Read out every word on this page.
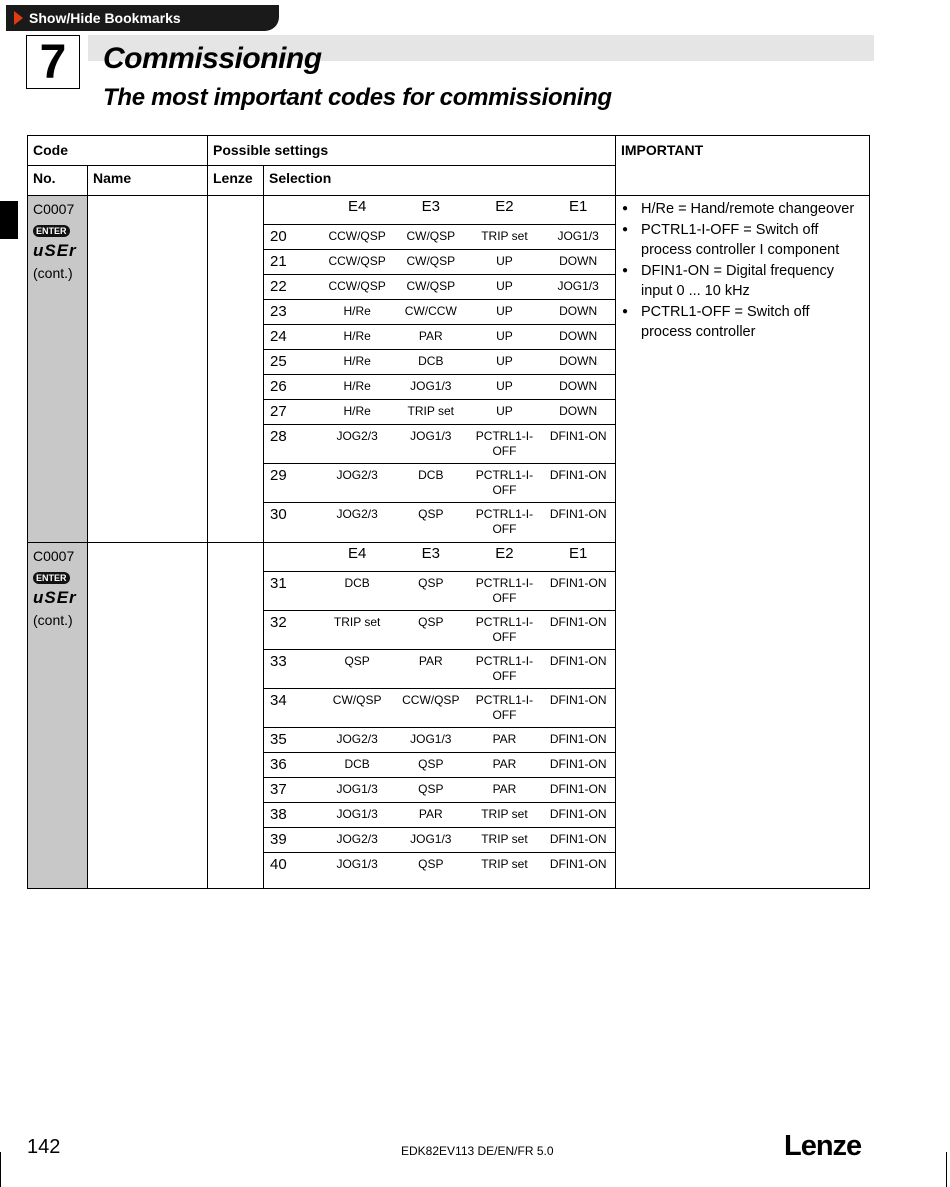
Show/Hide Bookmarks
7	Commissioning
The most important codes for commissioning
Code	Possible settings	IMPORTANT
No.	Name	Lenze	Selection

C0007
ENTER
uSEr
(cont.)

	E4	E3	E2	E1
20	CCW/QSP	CW/QSP	TRIP set	JOG1/3
21	CCW/QSP	CW/QSP	UP	DOWN
22	CCW/QSP	CW/QSP	UP	JOG1/3
23	H/Re	CW/CCW	UP	DOWN
24	H/Re	PAR	UP	DOWN
25	H/Re	DCB	UP	DOWN
26	H/Re	JOG1/3	UP	DOWN
27	H/Re	TRIP set	UP	DOWN
28	JOG2/3	JOG1/3	PCTRL1-I-OFF	DFIN1-ON
29	JOG2/3	DCB	PCTRL1-I-OFF	DFIN1-ON
30	JOG2/3	QSP	PCTRL1-I-OFF	DFIN1-ON

● H/Re = Hand/remote changeover
● PCTRL1-I-OFF = Switch off process controller I component
● DFIN1-ON = Digital frequency input 0 ... 10 kHz
● PCTRL1-OFF = Switch off process controller

C0007
ENTER
uSEr
(cont.)

	E4	E3	E2	E1
31	DCB	QSP	PCTRL1-I-OFF	DFIN1-ON
32	TRIP set	QSP	PCTRL1-I-OFF	DFIN1-ON
33	QSP	PAR	PCTRL1-I-OFF	DFIN1-ON
34	CW/QSP	CCW/QSP	PCTRL1-I-OFF	DFIN1-ON
35	JOG2/3	JOG1/3	PAR	DFIN1-ON
36	DCB	QSP	PAR	DFIN1-ON
37	JOG1/3	QSP	PAR	DFIN1-ON
38	JOG1/3	PAR	TRIP set	DFIN1-ON
39	JOG2/3	JOG1/3	TRIP set	DFIN1-ON
40	JOG1/3	QSP	TRIP set	DFIN1-ON
142	EDK82EV113 DE/EN/FR 5.0	Lenze
